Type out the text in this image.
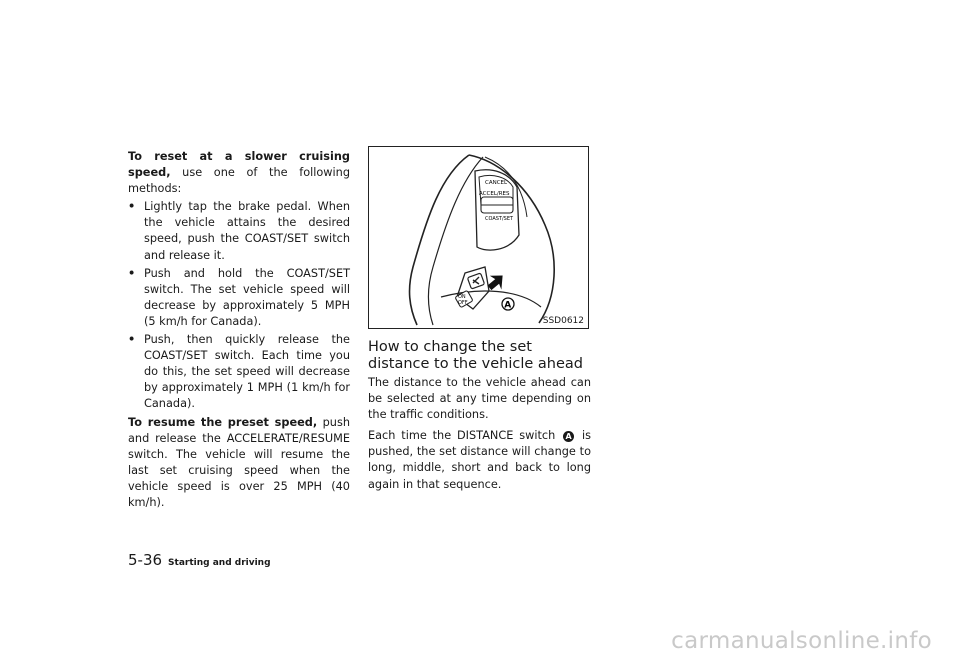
To reset at a slower cruising speed, use one of the following methods:

• Lightly tap the brake pedal. When the vehicle attains the desired speed, push the COAST/SET switch and release it.
• Push and hold the COAST/SET switch. The set vehicle speed will decrease by approximately 5 MPH (5 km/h for Canada).
• Push, then quickly release the COAST/SET switch. Each time you do this, the set speed will decrease by approximately 1 MPH (1 km/h for Canada).

To resume the preset speed, push and release the ACCELERATE/RESUME switch. The vehicle will resume the last set cruising speed when the vehicle speed is over 25 MPH (40 km/h).

CANCEL
ACCEL/RES
COAST/SET
ON
OFF	A
SSD0612
How to change the set distance to the vehicle ahead

The distance to the vehicle ahead can be selected at any time depending on the traffic conditions.

Each time the DISTANCE switch A is pushed, the set distance will change to long, middle, short and back to long again in that sequence.

5-36 Starting and driving
carmanualsonline.info
